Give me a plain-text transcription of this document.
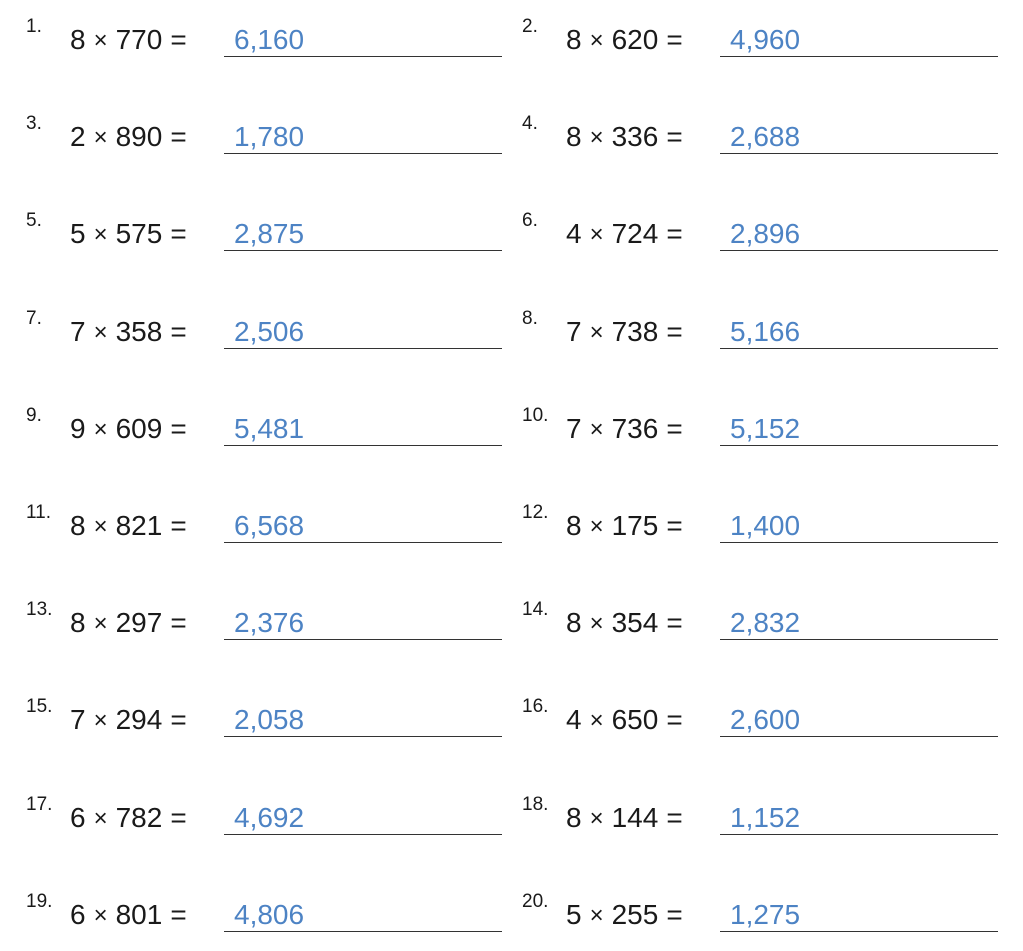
1. 8 × 770 = 6,160	2. 8 × 620 = 4,960
3. 2 × 890 = 1,780	4. 8 × 336 = 2,688
5. 5 × 575 = 2,875	6. 4 × 724 = 2,896
7. 7 × 358 = 2,506	8. 7 × 738 = 5,166
9. 9 × 609 = 5,481	10. 7 × 736 = 5,152
11. 8 × 821 = 6,568	12. 8 × 175 = 1,400
13. 8 × 297 = 2,376	14. 8 × 354 = 2,832
15. 7 × 294 = 2,058	16. 4 × 650 = 2,600
17. 6 × 782 = 4,692	18. 8 × 144 = 1,152
19. 6 × 801 = 4,806	20. 5 × 255 = 1,275
